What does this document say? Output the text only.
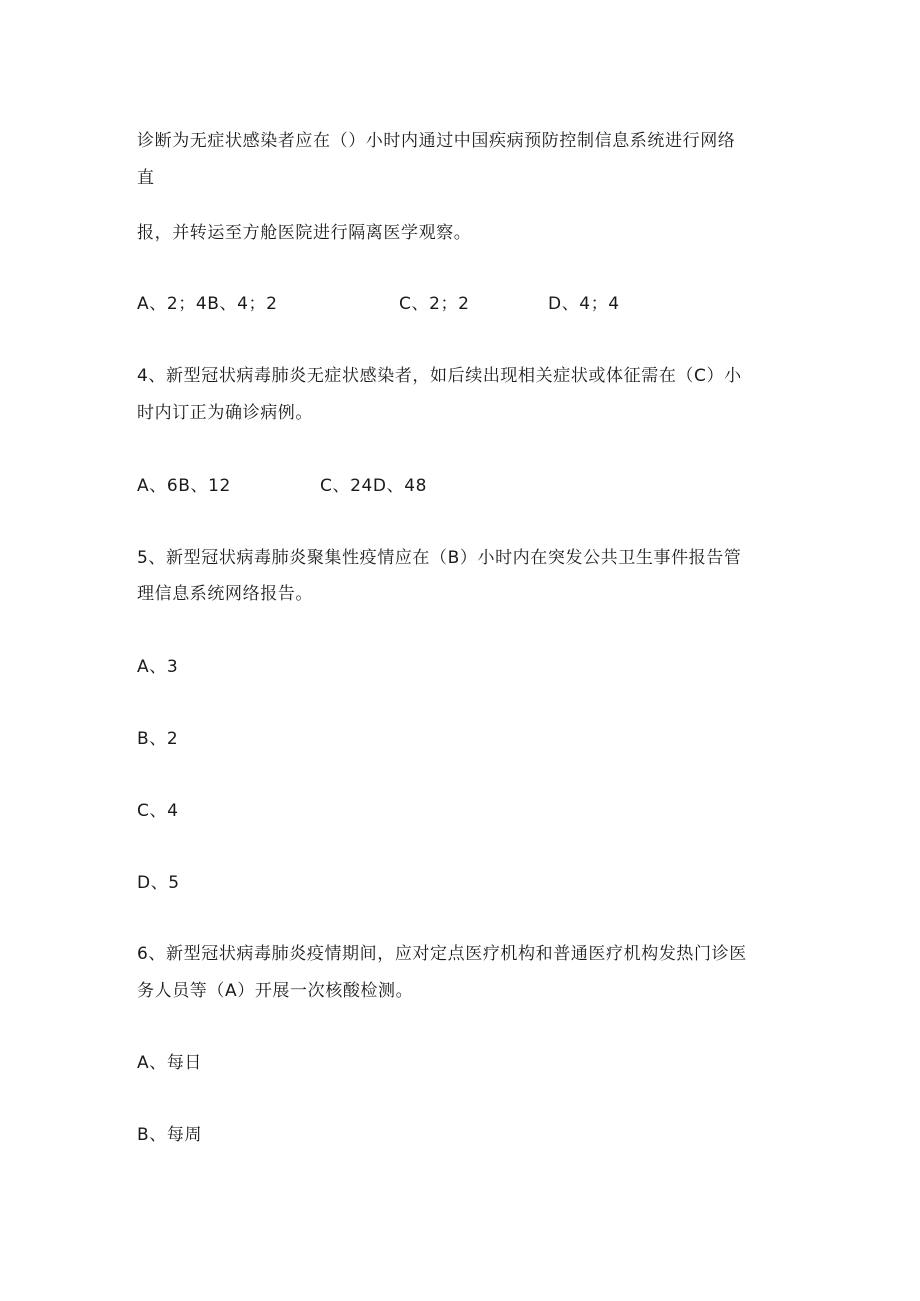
诊断为无症状感染者应在（）小时内通过中国疾病预防控制信息系统进行网络
直
报，并转运至方舱医院进行隔离医学观察。
A、2；4B、4；2	C、2；2	D、4；4
4、新型冠状病毒肺炎无症状感染者，如后续出现相关症状或体征需在（C）小
时内订正为确诊病例。
A、6B、12	C、24D、48
5、新型冠状病毒肺炎聚集性疫情应在（B）小时内在突发公共卫生事件报告管
理信息系统网络报告。
A、3
B、2
C、4
D、5
6、新型冠状病毒肺炎疫情期间，应对定点医疗机构和普通医疗机构发热门诊医
务人员等（A）开展一次核酸检测。
A、每日
B、每周
